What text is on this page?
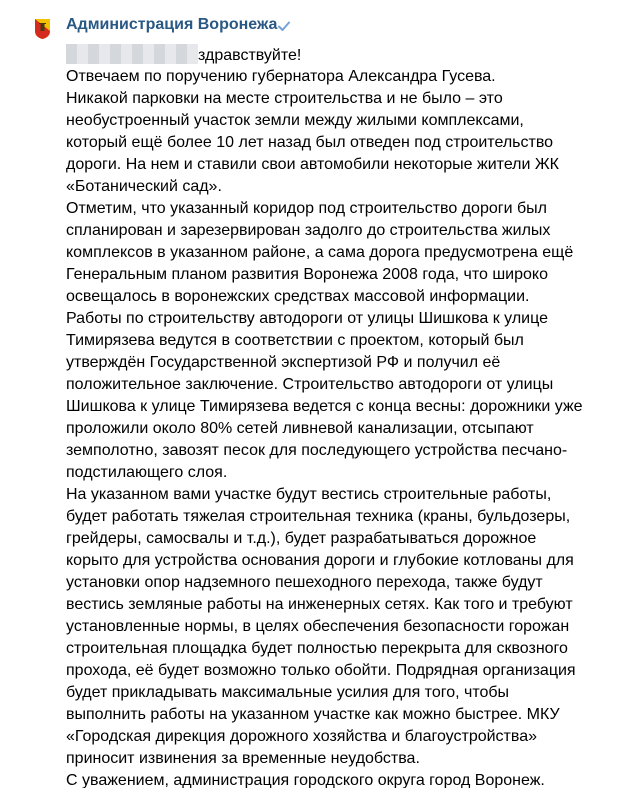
Администрация Воронежа
здравствуйте!
Отвечаем по поручению губернатора Александра Гусева.
Никакой парковки на месте строительства и не было – это
необустроенный участок земли между жилыми комплексами,
который ещё более 10 лет назад был отведен под строительство
дороги. На нем и ставили свои автомобили некоторые жители ЖК
«Ботанический сад».
Отметим, что указанный коридор под строительство дороги был
спланирован и зарезервирован задолго до строительства жилых
комплексов в указанном районе, а сама дорога предусмотрена ещё
Генеральным планом развития Воронежа 2008 года, что широко
освещалось в воронежских средствах массовой информации.
Работы по строительству автодороги от улицы Шишкова к улице
Тимирязева ведутся в соответствии с проектом, который был
утверждён Государственной экспертизой РФ и получил её
положительное заключение. Строительство автодороги от улицы
Шишкова к улице Тимирязева ведется с конца весны: дорожники уже
проложили около 80% сетей ливневой канализации, отсыпают
земполотно, завозят песок для последующего устройства песчано-
подстилающего слоя.
На указанном вами участке будут вестись строительные работы,
будет работать тяжелая строительная техника (краны, бульдозеры,
грейдеры, самосвалы и т.д.), будет разрабатываться дорожное
корыто для устройства основания дороги и глубокие котлованы для
установки опор надземного пешеходного перехода, также будут
вестись земляные работы на инженерных сетях. Как того и требуют
установленные нормы, в целях обеспечения безопасности горожан
строительная площадка будет полностью перекрыта для сквозного
прохода, её будет возможно только обойти. Подрядная организация
будет прикладывать максимальные усилия для того, чтобы
выполнить работы на указанном участке как можно быстрее. МКУ
«Городская дирекция дорожного хозяйства и благоустройства»
приносит извинения за временные неудобства.
С уважением, администрация городского округа город Воронеж.
